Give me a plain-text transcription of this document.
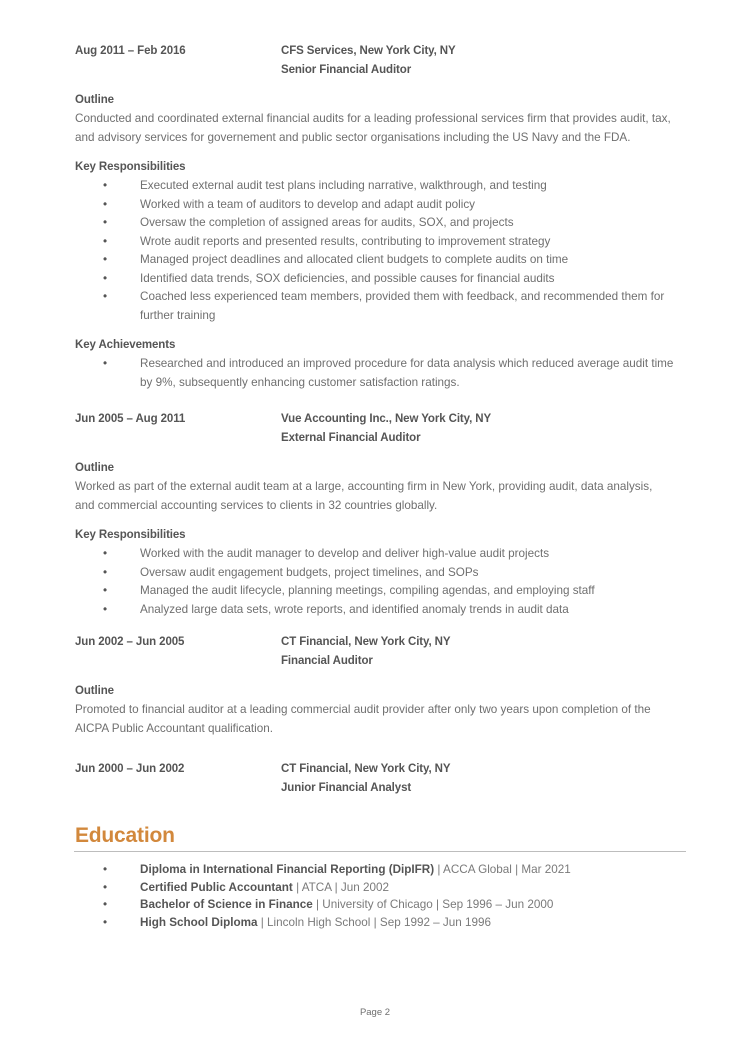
Aug 2011 – Feb 2016	CFS Services, New York City, NY
Senior Financial Auditor
Outline

Conducted and coordinated external financial audits for a leading professional services firm that provides audit, tax, and advisory services for governement and public sector organisations including the US Navy and the FDA.

Key Responsibilities
•	Executed external audit test plans including narrative, walkthrough, and testing
•	Worked with a team of auditors to develop and adapt audit policy
•	Oversaw the completion of assigned areas for audits, SOX, and projects
•	Wrote audit reports and presented results, contributing to improvement strategy
•	Managed project deadlines and allocated client budgets to complete audits on time
•	Identified data trends, SOX deficiencies, and possible causes for financial audits
•	Coached less experienced team members, provided them with feedback, and recommended them for further training
Key Achievements
•	Researched and introduced an improved procedure for data analysis which reduced average audit time by 9%, subsequently enhancing customer satisfaction ratings.
Jun 2005 – Aug 2011	Vue Accounting Inc., New York City, NY
External Financial Auditor
Outline

Worked as part of the external audit team at a large, accounting firm in New York, providing audit, data analysis, and commercial accounting services to clients in 32 countries globally.

Key Responsibilities
•	Worked with the audit manager to develop and deliver high-value audit projects
•	Oversaw audit engagement budgets, project timelines, and SOPs
•	Managed the audit lifecycle, planning meetings, compiling agendas, and employing staff
•	Analyzed large data sets, wrote reports, and identified anomaly trends in audit data
Jun 2002 – Jun 2005	CT Financial, New York City, NY
Financial Auditor
Outline

Promoted to financial auditor at a leading commercial audit provider after only two years upon completion of the AICPA Public Accountant qualification.

Jun 2000 – Jun 2002	CT Financial, New York City, NY
Junior Financial Analyst
Education
•	Diploma in International Financial Reporting (DipIFR) | ACCA Global | Mar 2021
•	Certified Public Accountant | ATCA | Jun 2002
•	Bachelor of Science in Finance | University of Chicago | Sep 1996 – Jun 2000
•	High School Diploma | Lincoln High School | Sep 1992 – Jun 1996
Page 2
